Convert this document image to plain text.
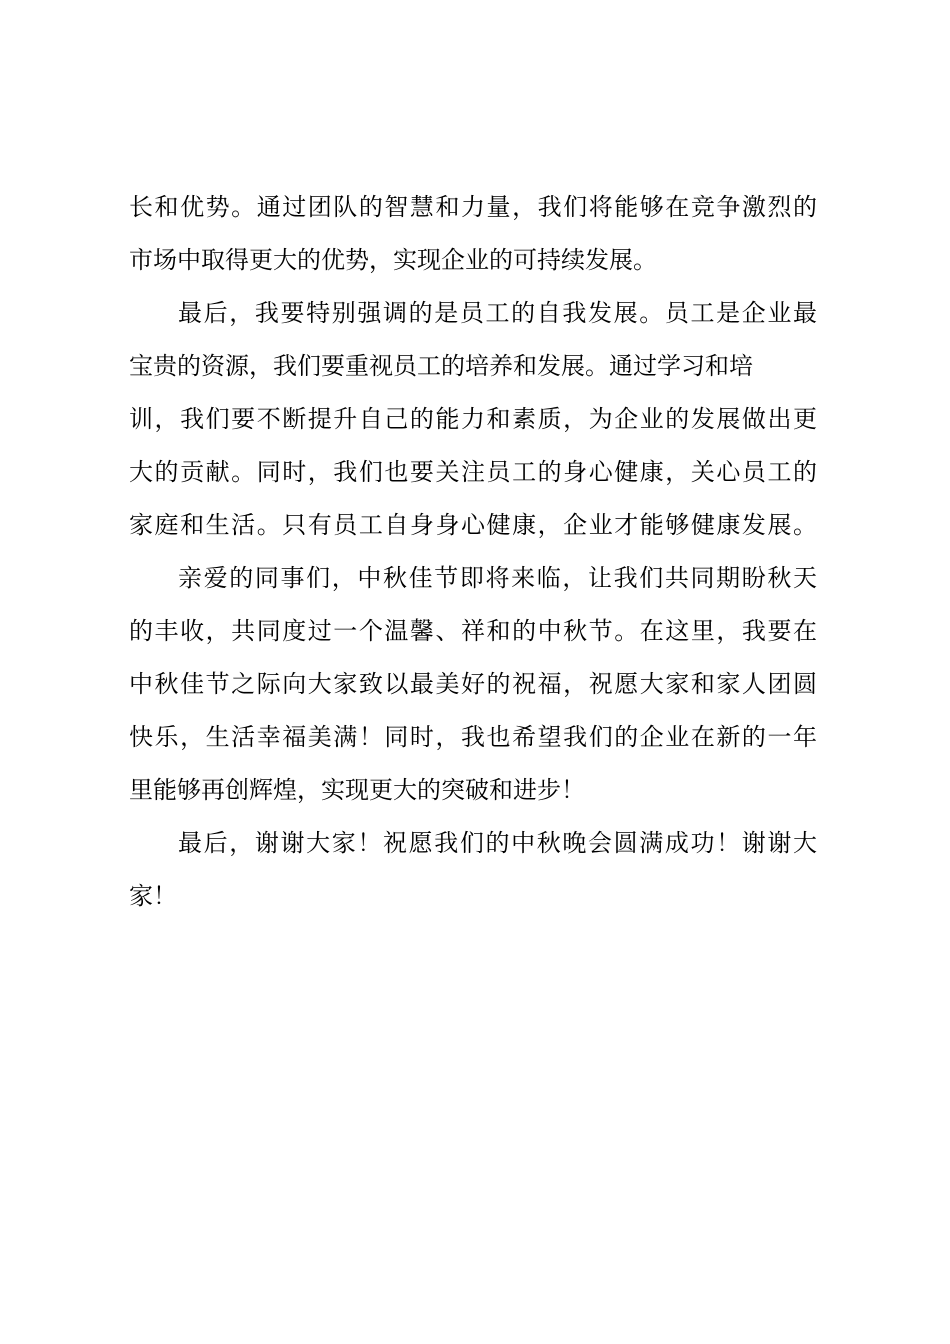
长和优势。通过团队的智慧和力量，我们将能够在竞争激烈的
市场中取得更大的优势，实现企业的可持续发展。
最后，我要特别强调的是员工的自我发展。员工是企业最
宝贵的资源，我们要重视员工的培养和发展。通过学习和培
训，我们要不断提升自己的能力和素质，为企业的发展做出更
大的贡献。同时，我们也要关注员工的身心健康，关心员工的
家庭和生活。只有员工自身身心健康，企业才能够健康发展。
亲爱的同事们，中秋佳节即将来临，让我们共同期盼秋天
的丰收，共同度过一个温馨、祥和的中秋节。在这里，我要在
中秋佳节之际向大家致以最美好的祝福，祝愿大家和家人团圆
快乐，生活幸福美满！同时，我也希望我们的企业在新的一年
里能够再创辉煌，实现更大的突破和进步！
最后，谢谢大家！祝愿我们的中秋晚会圆满成功！谢谢大
家！
